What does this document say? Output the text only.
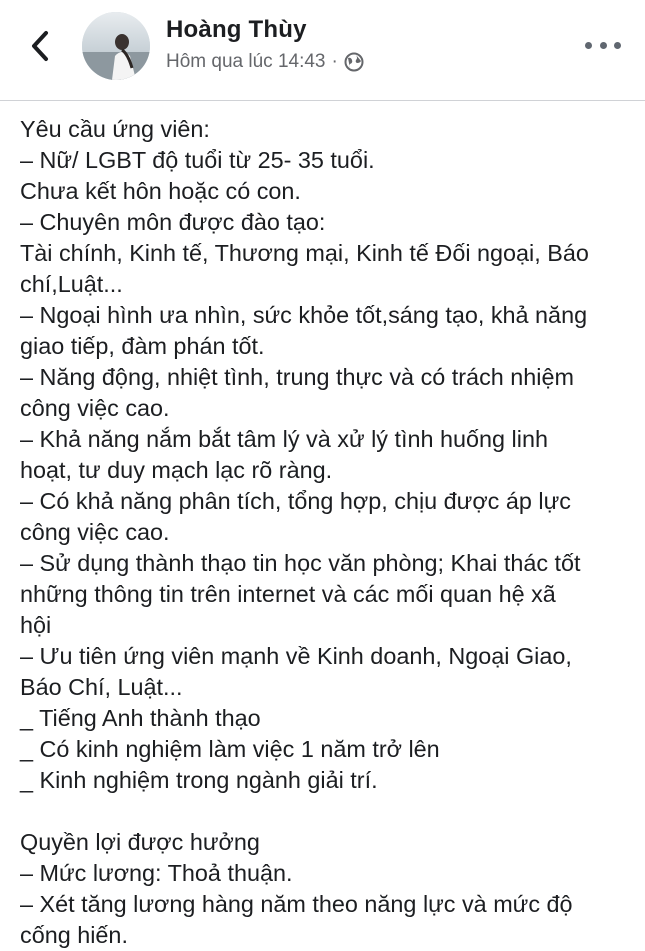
Hoàng Thùy
Hôm qua lúc 14:43 ·
Yêu cầu ứng viên:
– Nữ/ LGBT độ tuổi từ 25- 35 tuổi.
Chưa kết hôn hoặc có con.
– Chuyên môn được đào tạo:
Tài chính, Kinh tế, Thương mại, Kinh tế Đối ngoại, Báo
chí,Luật...
– Ngoại hình ưa nhìn, sức khỏe tốt,sáng tạo, khả năng
giao tiếp, đàm phán tốt.
– Năng động, nhiệt tình, trung thực và có trách nhiệm
công việc cao.
– Khả năng nắm bắt tâm lý và xử lý tình huống linh
hoạt, tư duy mạch lạc rõ ràng.
– Có khả năng phân tích, tổng hợp, chịu được áp lực
công việc cao.
– Sử dụng thành thạo tin học văn phòng; Khai thác tốt
những thông tin trên internet và các mối quan hệ xã
hội
– Ưu tiên ứng viên mạnh về Kinh doanh, Ngoại Giao,
Báo Chí, Luật...
_ Tiếng Anh thành thạo
_ Có kinh nghiệm làm việc 1 năm trở lên
_ Kinh nghiệm trong ngành giải trí.
Quyền lợi được hưởng
– Mức lương: Thoả thuận.
– Xét tăng lương hàng năm theo năng lực và mức độ
cống hiến.
